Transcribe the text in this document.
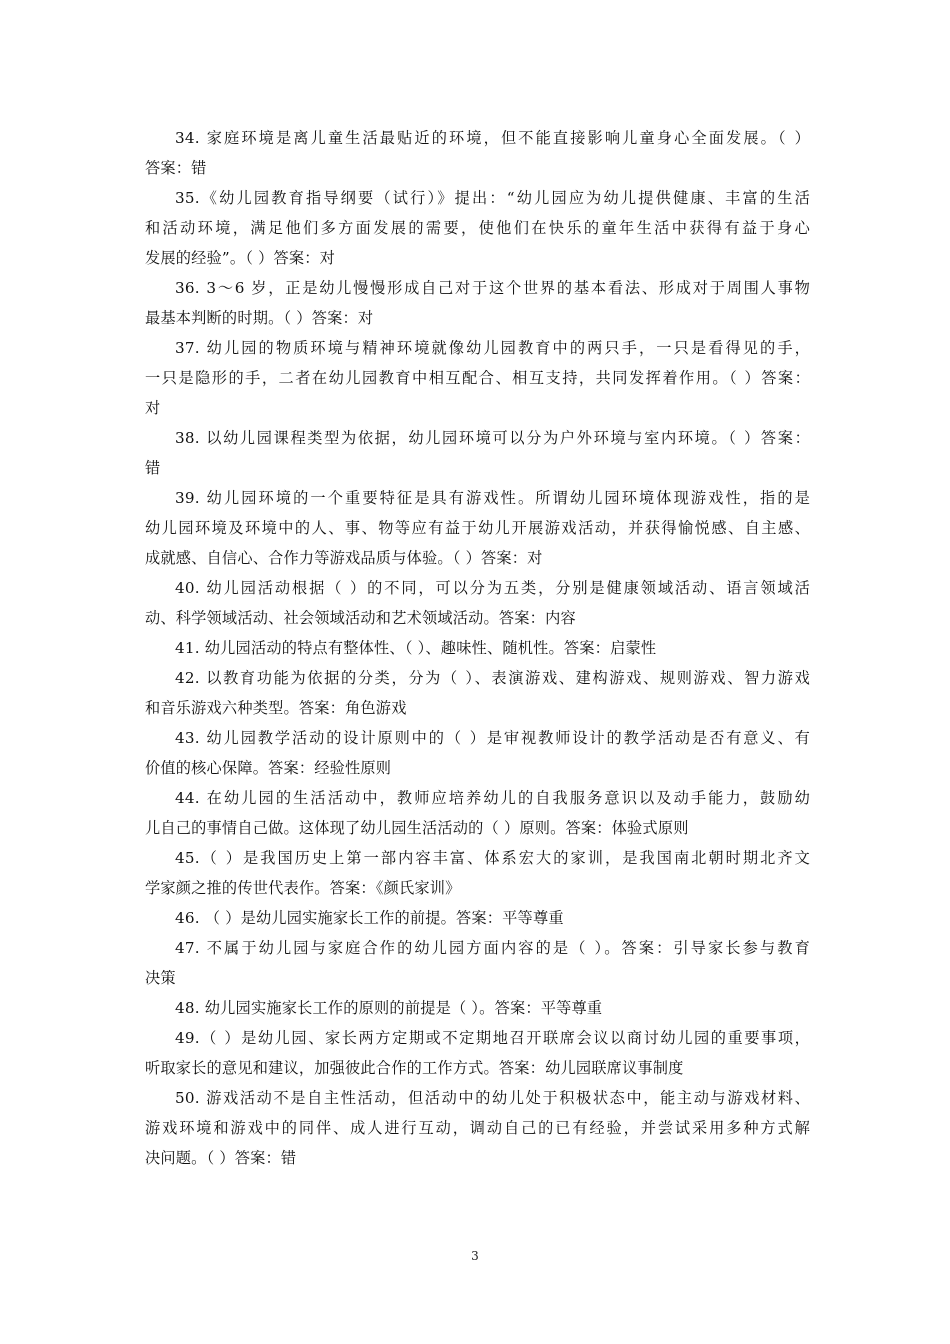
34. 家庭环境是离儿童生活最贴近的环境，但不能直接影响儿童身心全面发展。（ ）
答案：错
35.《幼儿园教育指导纲要（试行）》提出：“幼儿园应为幼儿提供健康、丰富的生活
和活动环境，满足他们多方面发展的需要，使他们在快乐的童年生活中获得有益于身心
发展的经验”。（ ）答案：对
36. 3～6 岁，正是幼儿慢慢形成自己对于这个世界的基本看法、形成对于周围人事物
最基本判断的时期。（ ）答案：对
37. 幼儿园的物质环境与精神环境就像幼儿园教育中的两只手，一只是看得见的手，
一只是隐形的手，二者在幼儿园教育中相互配合、相互支持，共同发挥着作用。（ ）答案：
对
38. 以幼儿园课程类型为依据，幼儿园环境可以分为户外环境与室内环境。（ ）答案：
错
39. 幼儿园环境的一个重要特征是具有游戏性。所谓幼儿园环境体现游戏性，指的是
幼儿园环境及环境中的人、事、物等应有益于幼儿开展游戏活动，并获得愉悦感、自主感、
成就感、自信心、合作力等游戏品质与体验。（ ）答案：对
40. 幼儿园活动根据（ ）的不同，可以分为五类，分别是健康领域活动、语言领域活
动、科学领域活动、社会领域活动和艺术领域活动。答案：内容
41. 幼儿园活动的特点有整体性、（ ）、趣味性、随机性。答案：启蒙性
42. 以教育功能为依据的分类，分为（ ）、表演游戏、建构游戏、规则游戏、智力游戏
和音乐游戏六种类型。答案：角色游戏
43. 幼儿园教学活动的设计原则中的（ ）是审视教师设计的教学活动是否有意义、有
价值的核心保障。答案：经验性原则
44. 在幼儿园的生活活动中，教师应培养幼儿的自我服务意识以及动手能力，鼓励幼
儿自己的事情自己做。这体现了幼儿园生活活动的（ ）原则。答案：体验式原则
45.（ ）是我国历史上第一部内容丰富、体系宏大的家训，是我国南北朝时期北齐文
学家颜之推的传世代表作。答案：《颜氏家训》
46. （ ）是幼儿园实施家长工作的前提。答案：平等尊重
47. 不属于幼儿园与家庭合作的幼儿园方面内容的是（ ）。答案：引导家长参与教育
决策
48. 幼儿园实施家长工作的原则的前提是（ ）。答案：平等尊重
49.（ ）是幼儿园、家长两方定期或不定期地召开联席会议以商讨幼儿园的重要事项，
听取家长的意见和建议，加强彼此合作的工作方式。答案：幼儿园联席议事制度
50. 游戏活动不是自主性活动，但活动中的幼儿处于积极状态中，能主动与游戏材料、
游戏环境和游戏中的同伴、成人进行互动，调动自己的已有经验，并尝试采用多种方式解
决问题。（ ）答案：错
3
